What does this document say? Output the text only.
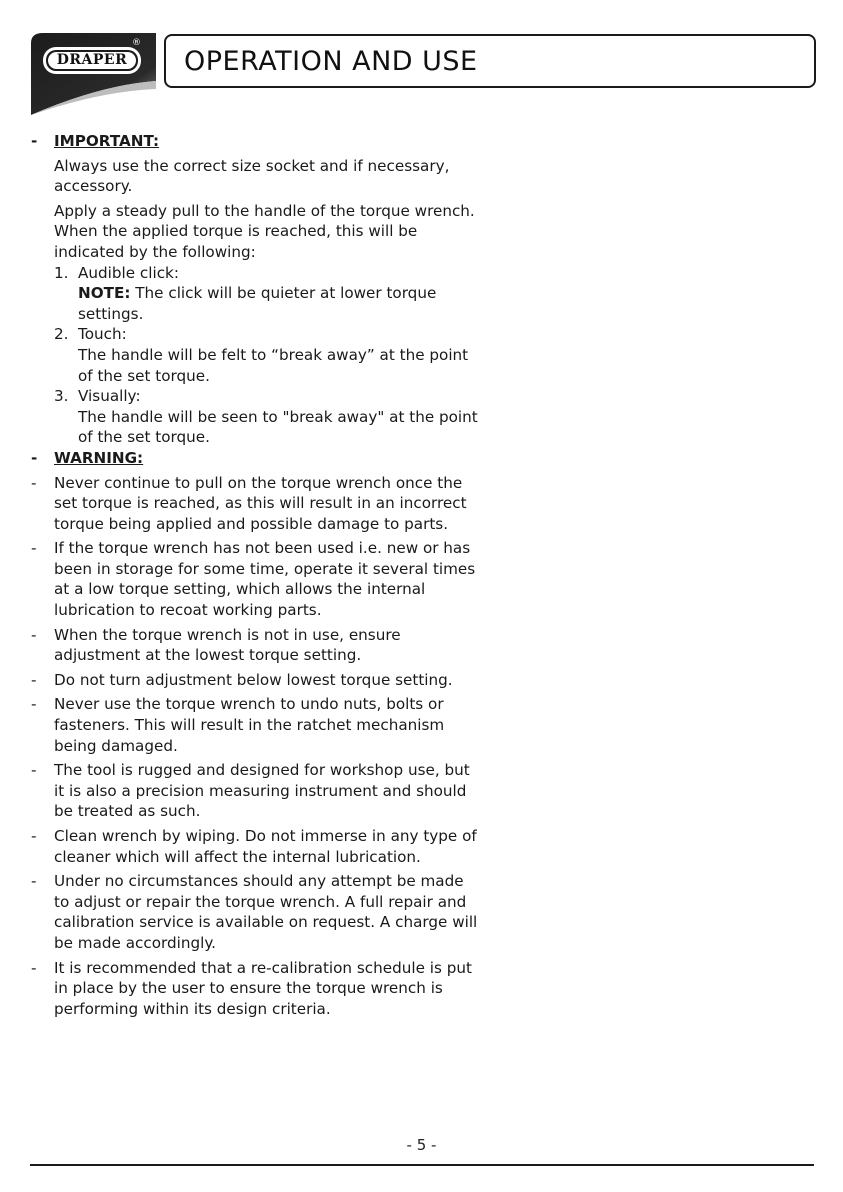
DRAPER
®
OPERATION AND USE
- IMPORTANT:
Always use the correct size socket and if necessary,
accessory.
Apply a steady pull to the handle of the torque wrench.
When the applied torque is reached, this will be
indicated by the following:
1. Audible click:
NOTE: The click will be quieter at lower torque
settings.
2. Touch:
The handle will be felt to “break away” at the point
of the set torque.
3. Visually:
The handle will be seen to "break away" at the point
of the set torque.
- WARNING:
- Never continue to pull on the torque wrench once the
set torque is reached, as this will result in an incorrect
torque being applied and possible damage to parts.
- If the torque wrench has not been used i.e. new or has
been in storage for some time, operate it several times
at a low torque setting, which allows the internal
lubrication to recoat working parts.
- When the torque wrench is not in use, ensure
adjustment at the lowest torque setting.
- Do not turn adjustment below lowest torque setting.
- Never use the torque wrench to undo nuts, bolts or
fasteners. This will result in the ratchet mechanism
being damaged.
- The tool is rugged and designed for workshop use, but
it is also a precision measuring instrument and should
be treated as such.
- Clean wrench by wiping. Do not immerse in any type of
cleaner which will affect the internal lubrication.
- Under no circumstances should any attempt be made
to adjust or repair the torque wrench. A full repair and
calibration service is available on request. A charge will
be made accordingly.
- It is recommended that a re-calibration schedule is put
in place by the user to ensure the torque wrench is
performing within its design criteria.
- 5 -
